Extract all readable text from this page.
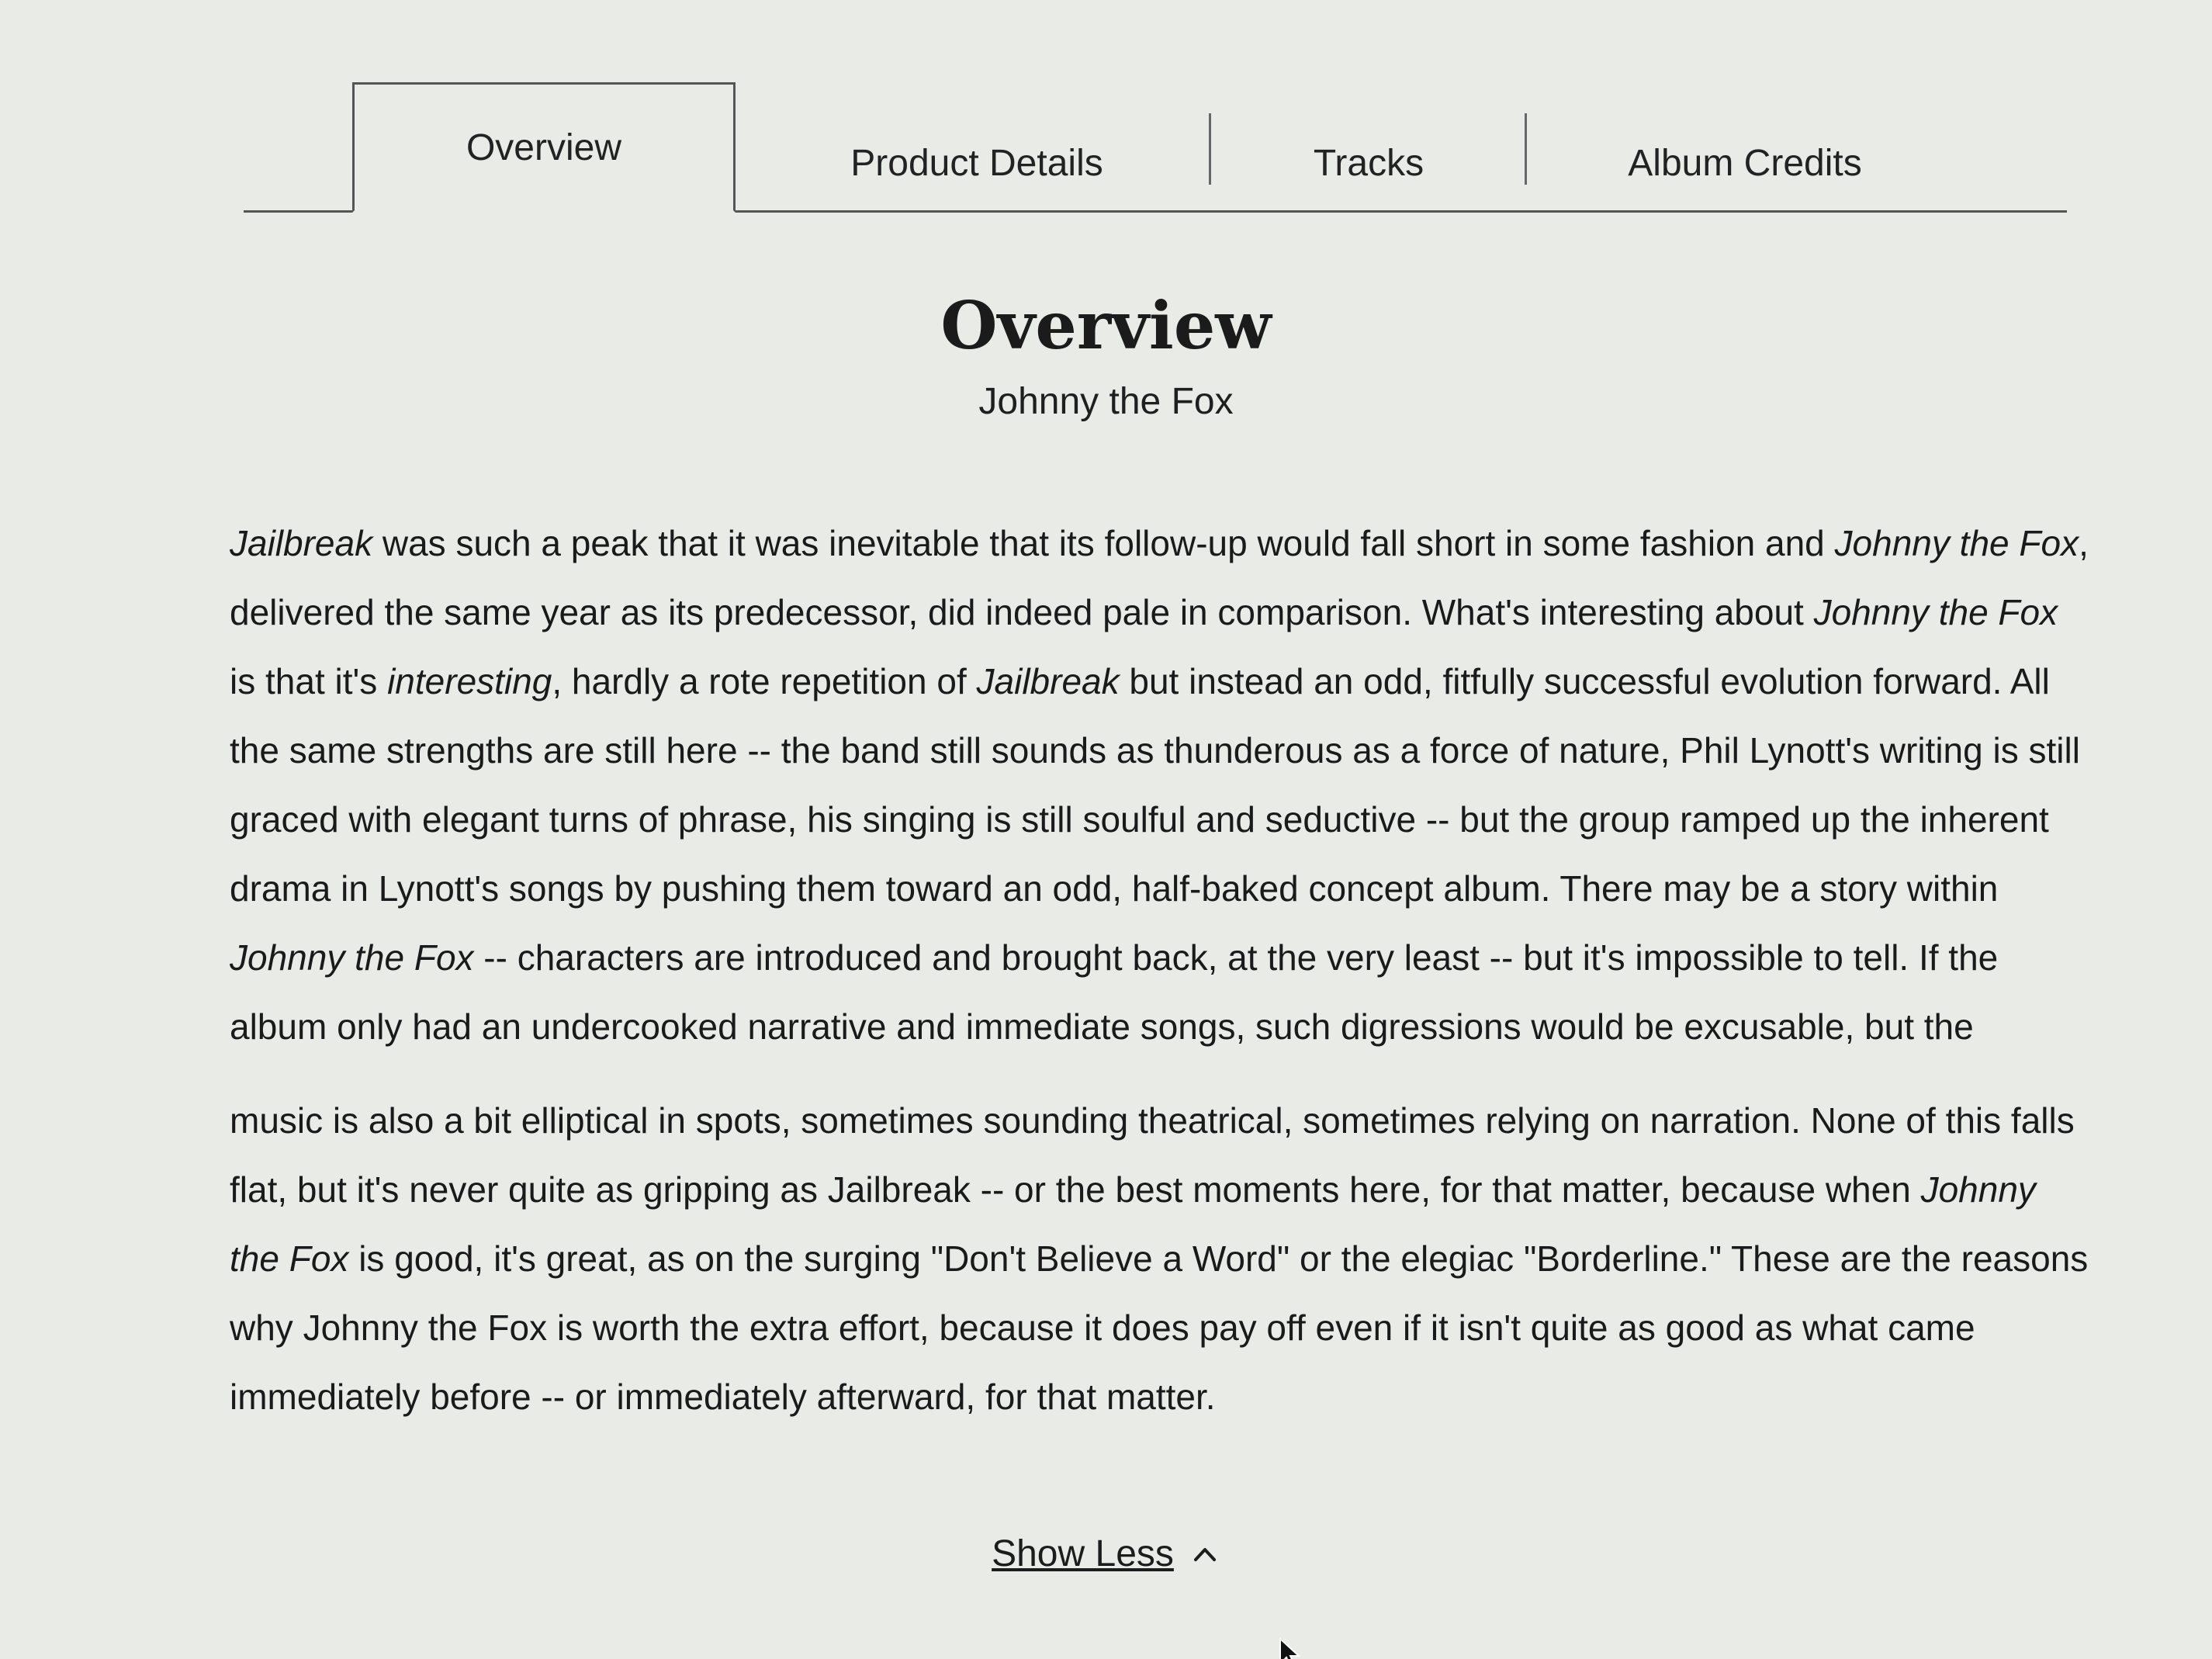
Overview	Product Details	Tracks	Album Credits
Overview
Johnny the Fox

Jailbreak was such a peak that it was inevitable that its follow-up would fall short in some fashion and Johnny the Fox, delivered the same year as its predecessor, did indeed pale in comparison. What's interesting about Johnny the Fox is that it's interesting, hardly a rote repetition of Jailbreak but instead an odd, fitfully successful evolution forward. All the same strengths are still here -- the band still sounds as thunderous as a force of nature, Phil Lynott's writing is still graced with elegant turns of phrase, his singing is still soulful and seductive -- but the group ramped up the inherent drama in Lynott's songs by pushing them toward an odd, half-baked concept album. There may be a story within Johnny the Fox -- characters are introduced and brought back, at the very least -- but it's impossible to tell. If the album only had an undercooked narrative and immediate songs, such digressions would be excusable, but the

music is also a bit elliptical in spots, sometimes sounding theatrical, sometimes relying on narration. None of this falls flat, but it's never quite as gripping as Jailbreak -- or the best moments here, for that matter, because when Johnny the Fox is good, it's great, as on the surging "Don't Believe a Word" or the elegiac "Borderline." These are the reasons why Johnny the Fox is worth the extra effort, because it does pay off even if it isn't quite as good as what came immediately before -- or immediately afterward, for that matter.

Show Less
